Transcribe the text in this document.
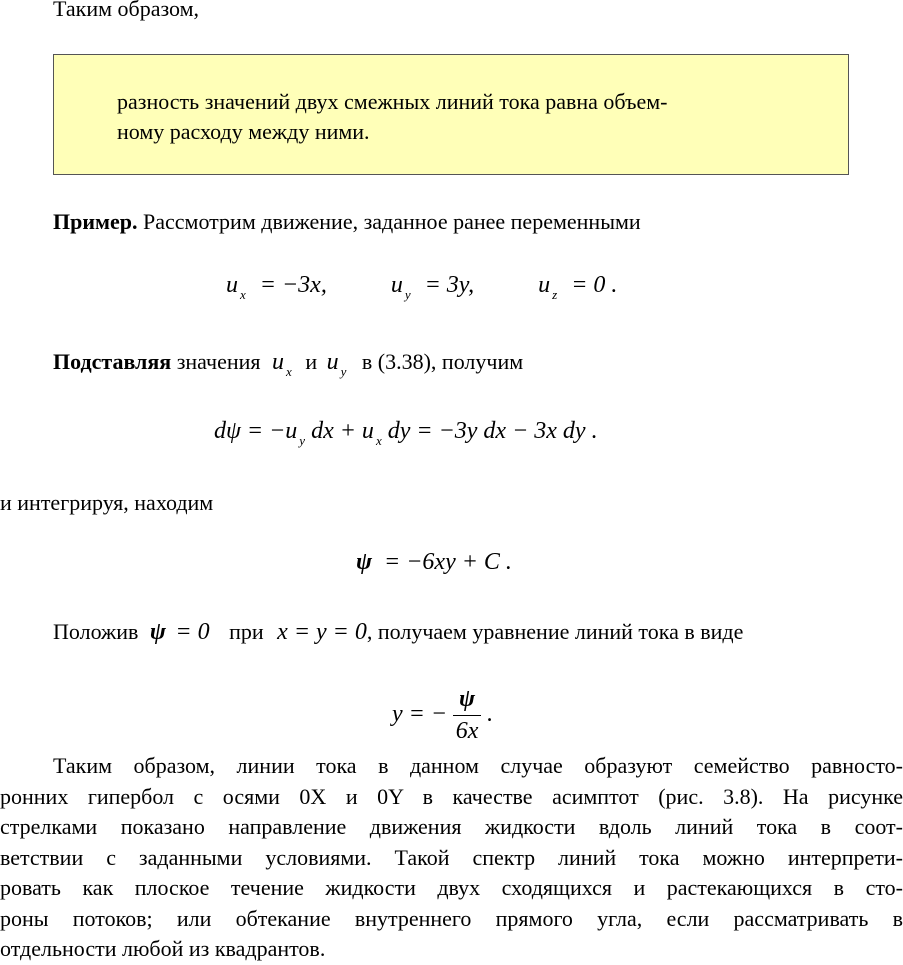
Таким образом,
разность значений двух смежных линий тока равна объем-
ному расходу между ними.
Пример. Рассмотрим движение, заданное ранее переменными
u $_x$ = −3x,	u $_y$ = 3y,	u $_z$ = 0 .
Подставляя значения u $_x$ и u $_y$ в (3.38), получим
dψ = −u $_y$ dx + u $_x$ dy = −3y dx − 3x dy .
и интегрируя, находим
ψ = −6xy + C .
Положив ψ = 0 при x = y = 0, получаем уравнение линий тока в виде
y = − $\frac{\psi}{6x}$ .
Таким образом, линии тока в данном случае образуют семейство равносто-
ронних гипербол с осями 0X и 0Y в качестве асимптот (рис. 3.8). На рисунке
стрелками показано направление движения жидкости вдоль линий тока в соот-
ветствии с заданными условиями. Такой спектр линий тока можно интерпрети-
ровать как плоское течение жидкости двух сходящихся и растекающихся в сто-
роны потоков; или обтекание внутреннего прямого угла, если рассматривать в
отдельности любой из квадрантов.
